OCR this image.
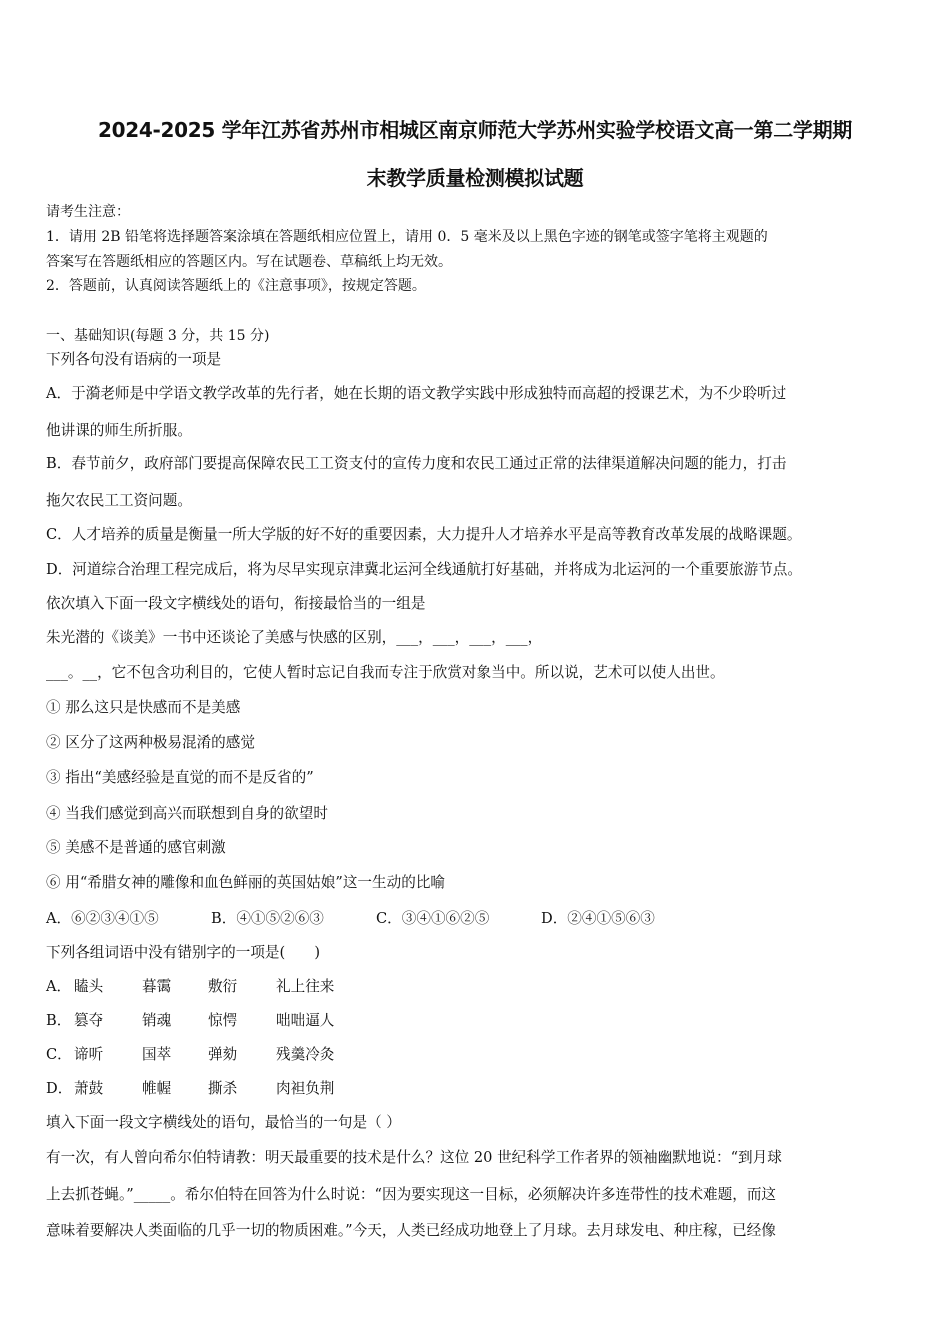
2024-2025 学年江苏省苏州市相城区南京师范大学苏州实验学校语文高一第二学期期
末教学质量检测模拟试题
请考生注意：
1．请用 2B 铅笔将选择题答案涂填在答题纸相应位置上，请用 0．5 毫米及以上黑色字迹的钢笔或签字笔将主观题的
答案写在答题纸相应的答题区内。写在试题卷、草稿纸上均无效。
2．答题前，认真阅读答题纸上的《注意事项》，按规定答题。
一、基础知识(每题 3 分，共 15 分)
下列各句没有语病的一项是
A．于漪老师是中学语文教学改革的先行者，她在长期的语文教学实践中形成独特而高超的授课艺术，为不少聆听过
他讲课的师生所折服。
B．春节前夕，政府部门要提高保障农民工工资支付的宣传力度和农民工通过正常的法律渠道解决问题的能力，打击
拖欠农民工工资问题。
C．人才培养的质量是衡量一所大学版的好不好的重要因素，大力提升人才培养水平是高等教育改革发展的战略课题。
D．河道综合治理工程完成后，将为尽早实现京津冀北运河全线通航打好基础，并将成为北运河的一个重要旅游节点。
依次填入下面一段文字横线处的语句，衔接最恰当的一组是
朱光潜的《谈美》一书中还谈论了美感与快感的区别，___，___，___，___，
___。__，它不包含功利目的，它使人暂时忘记自我而专注于欣赏对象当中。所以说，艺术可以使人出世。
① 那么这只是快感而不是美感
② 区分了这两种极易混淆的感觉
③ 指出“美感经验是直觉的而不是反省的”
④ 当我们感觉到高兴而联想到自身的欲望时
⑤ 美感不是普通的感官刺激
⑥ 用“希腊女神的雕像和血色鲜丽的英国姑娘”这一生动的比喻
A．⑥②③④①⑤	B．④①⑤②⑥③	C．③④①⑥②⑤	D．②④①⑤⑥③
下列各组词语中没有错别字的一项是(　　)
A． 瞌头	暮霭	敷衍	礼上往来
B． 篡夺	销魂	惊愕	咄咄逼人
C． 谛听	国萃	弹劾	残羹冷灸
D． 萧鼓	帷幄	撕杀	肉袒负荆
填入下面一段文字横线处的语句，最恰当的一句是（ ）
有一次，有人曾向希尔伯特请教：明天最重要的技术是什么？这位 20 世纪科学工作者界的领袖幽默地说：“到月球
上去抓苍蝇。”_____。希尔伯特在回答为什么时说：“因为要实现这一目标，必须解决许多连带性的技术难题，而这
意味着要解决人类面临的几乎一切的物质困难。”今天，人类已经成功地登上了月球。去月球发电、种庄稼，已经像
